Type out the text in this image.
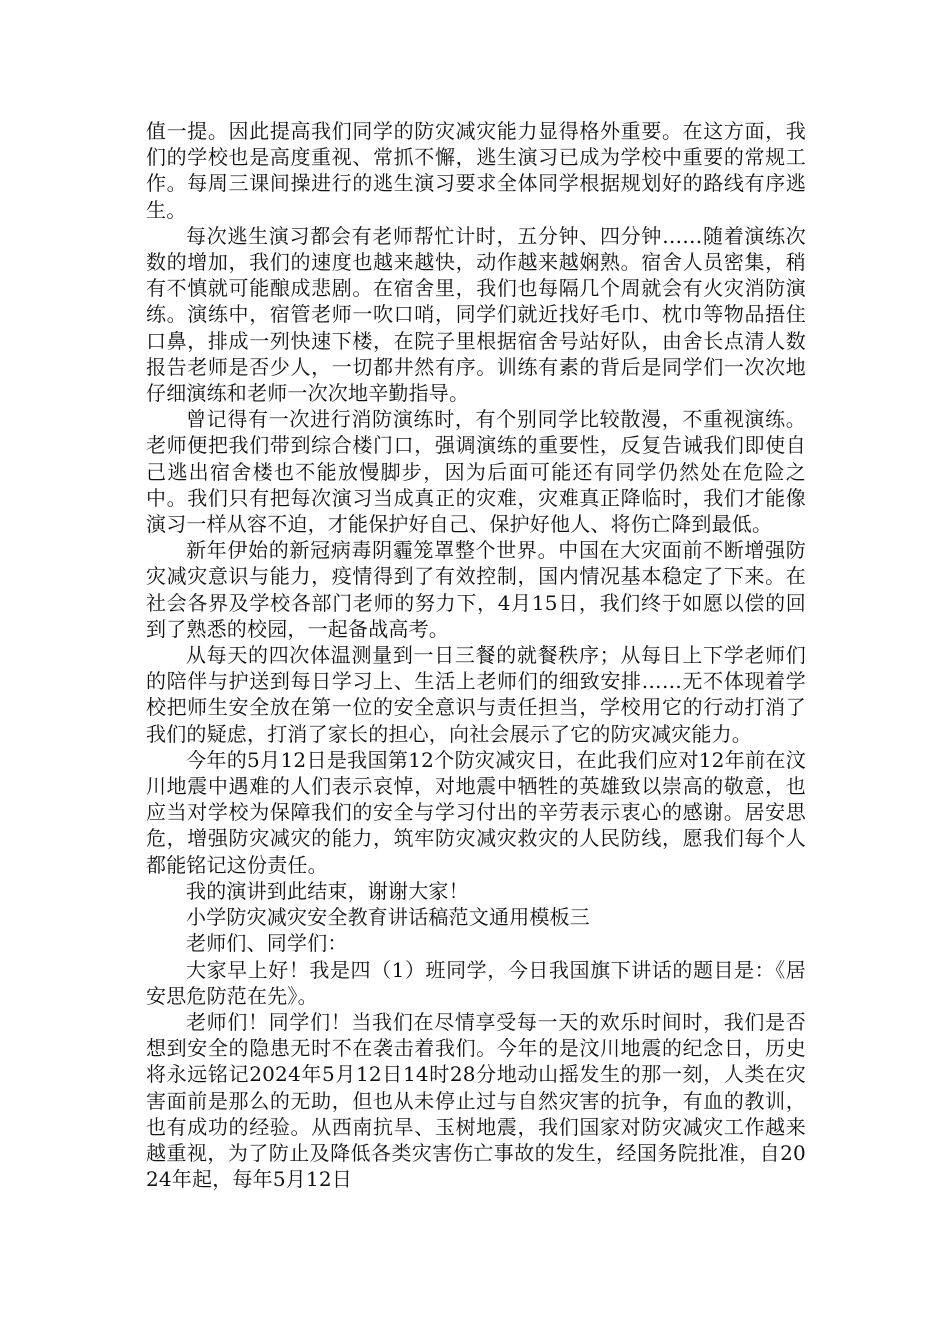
值一提。因此提高我们同学的防灾减灾能力显得格外重要。在这方面，我们的学校也是高度重视、常抓不懈，逃生演习已成为学校中重要的常规工作。每周三课间操进行的逃生演习要求全体同学根据规划好的路线有序逃生。

每次逃生演习都会有老师帮忙计时，五分钟、四分钟……随着演练次数的增加，我们的速度也越来越快，动作越来越娴熟。宿舍人员密集，稍有不慎就可能酿成悲剧。在宿舍里，我们也每隔几个周就会有火灾消防演练。演练中，宿管老师一吹口哨，同学们就近找好毛巾、枕巾等物品捂住口鼻，排成一列快速下楼，在院子里根据宿舍号站好队，由舍长点清人数报告老师是否少人，一切都井然有序。训练有素的背后是同学们一次次地仔细演练和老师一次次地辛勤指导。

曾记得有一次进行消防演练时，有个别同学比较散漫，不重视演练。老师便把我们带到综合楼门口，强调演练的重要性，反复告诫我们即使自己逃出宿舍楼也不能放慢脚步，因为后面可能还有同学仍然处在危险之中。我们只有把每次演习当成真正的灾难，灾难真正降临时，我们才能像演习一样从容不迫，才能保护好自己、保护好他人、将伤亡降到最低。

新年伊始的新冠病毒阴霾笼罩整个世界。中国在大灾面前不断增强防灾减灾意识与能力，疫情得到了有效控制，国内情况基本稳定了下来。在社会各界及学校各部门老师的努力下，4月15日，我们终于如愿以偿的回到了熟悉的校园，一起备战高考。

从每天的四次体温测量到一日三餐的就餐秩序；从每日上下学老师们的陪伴与护送到每日学习上、生活上老师们的细致安排……无不体现着学校把师生安全放在第一位的安全意识与责任担当，学校用它的行动打消了我们的疑虑，打消了家长的担心，向社会展示了它的防灾减灾能力。

今年的5月12日是我国第12个防灾减灾日，在此我们应对12年前在汶川地震中遇难的人们表示哀悼，对地震中牺牲的英雄致以崇高的敬意，也应当对学校为保障我们的安全与学习付出的辛劳表示衷心的感谢。居安思危，增强防灾减灾的能力，筑牢防灾减灾救灾的人民防线，愿我们每个人都能铭记这份责任。

我的演讲到此结束，谢谢大家！

小学防灾减灾安全教育讲话稿范文通用模板三

老师们、同学们：

大家早上好！我是四（1）班同学，今日我国旗下讲话的题目是：《居安思危防范在先》。

老师们！同学们！当我们在尽情享受每一天的欢乐时间时，我们是否想到安全的隐患无时不在袭击着我们。今年的是汶川地震的纪念日，历史将永远铭记2024年5月12日14时28分地动山摇发生的那一刻，人类在灾害面前是那么的无助，但也从未停止过与自然灾害的抗争，有血的教训，也有成功的经验。从西南抗旱、玉树地震，我们国家对防灾减灾工作越来越重视，为了防止及降低各类灾害伤亡事故的发生，经国务院批准，自2024年起，每年5月12日
